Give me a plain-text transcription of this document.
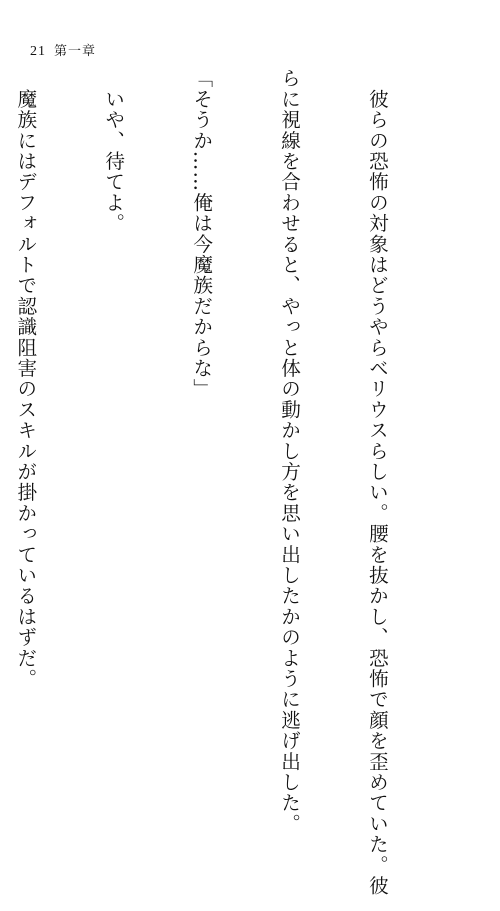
21 第一章

　彼らの恐怖の対象はどうやらベリウスらしい。腰を抜かし、恐怖で顔を歪めていた。彼

らに視線を合わせると、やっと体の動かし方を思い出したかのように逃げ出した。

「そうか……俺は今魔族だからな」

　いや、待てよ。

　魔族にはデフォルトで認識阻害のスキルが掛かっているはずだ。
